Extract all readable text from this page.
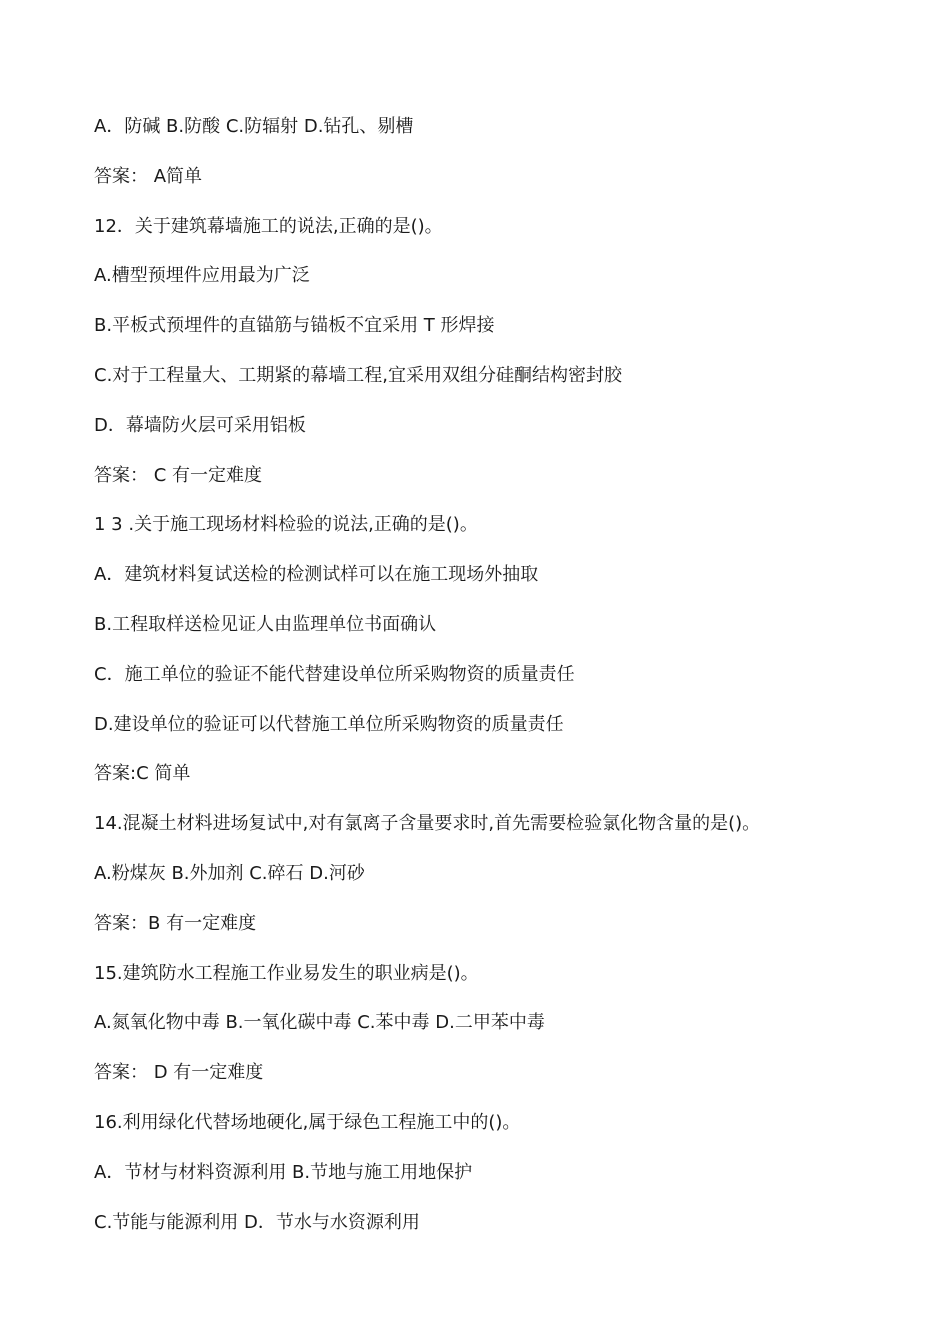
A．防碱 B.防酸 C.防辐射 D.钻孔、剔槽
答案： A简单
12．关于建筑幕墙施工的说法,正确的是()。
A.槽型预埋件应用最为广泛
B.平板式预埋件的直锚筋与锚板不宜采用 T 形焊接
C.对于工程量大、工期紧的幕墙工程,宜采用双组分硅酮结构密封胶
D．幕墙防火层可采用铝板
答案： C 有一定难度
1 3 .关于施工现场材料检验的说法,正确的是()。
A．建筑材料复试送检的检测试样可以在施工现场外抽取
B.工程取样送检见证人由监理单位书面确认
C．施工单位的验证不能代替建设单位所采购物资的质量责任
D.建设单位的验证可以代替施工单位所采购物资的质量责任
答案:C 简单
14.混凝土材料进场复试中,对有氯离子含量要求时,首先需要检验氯化物含量的是()。
A.粉煤灰 B.外加剂 C.碎石 D.河砂
答案：B 有一定难度
15.建筑防水工程施工作业易发生的职业病是()。
A.氮氧化物中毒 B.一氧化碳中毒 C.苯中毒 D.二甲苯中毒
答案： D 有一定难度
16.利用绿化代替场地硬化,属于绿色工程施工中的()。
A．节材与材料资源利用 B.节地与施工用地保护
C.节能与能源利用 D．节水与水资源利用
